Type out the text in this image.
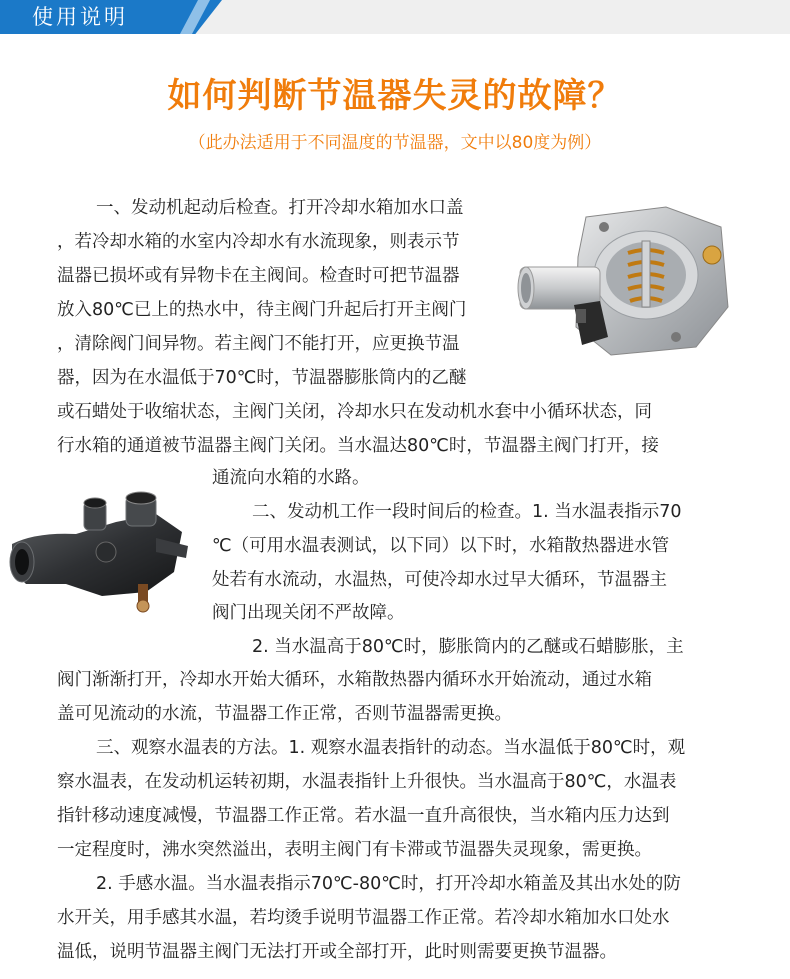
使用说明
如何判断节温器失灵的故障？
（此办法适用于不同温度的节温器，文中以80度为例）
一、发动机起动后检查。打开冷却水箱加水口盖
，若冷却水箱的水室内冷却水有水流现象，则表示节
温器已损坏或有异物卡在主阀间。检查时可把节温器
放入80℃已上的热水中，待主阀门升起后打开主阀门
，清除阀门间异物。若主阀门不能打开，应更换节温
器，因为在水温低于70℃时，节温器膨胀筒内的乙醚
或石蜡处于收缩状态，主阀门关闭，冷却水只在发动机水套中小循环状态，同
行水箱的通道被节温器主阀门关闭。当水温达80℃时，节温器主阀门打开，接
通流向水箱的水路。
二、发动机工作一段时间后的检查。1. 当水温表指示70
℃（可用水温表测试，以下同）以下时，水箱散热器进水管
处若有水流动，水温热，可使冷却水过早大循环，节温器主
阀门出现关闭不严故障。
2. 当水温高于80℃时，膨胀筒内的乙醚或石蜡膨胀，主
阀门渐渐打开，冷却水开始大循环，水箱散热器内循环水开始流动，通过水箱
盖可见流动的水流，节温器工作正常，否则节温器需更换。
三、观察水温表的方法。1. 观察水温表指针的动态。当水温低于80℃时，观
察水温表，在发动机运转初期，水温表指针上升很快。当水温高于80℃，水温表
指针移动速度减慢，节温器工作正常。若水温一直升高很快，当水箱内压力达到
一定程度时，沸水突然溢出，表明主阀门有卡滞或节温器失灵现象，需更换。
2. 手感水温。当水温表指示70℃-80℃时，打开冷却水箱盖及其出水处的防
水开关，用手感其水温，若均烫手说明节温器工作正常。若冷却水箱加水口处水
温低，说明节温器主阀门无法打开或全部打开，此时则需要更换节温器。
